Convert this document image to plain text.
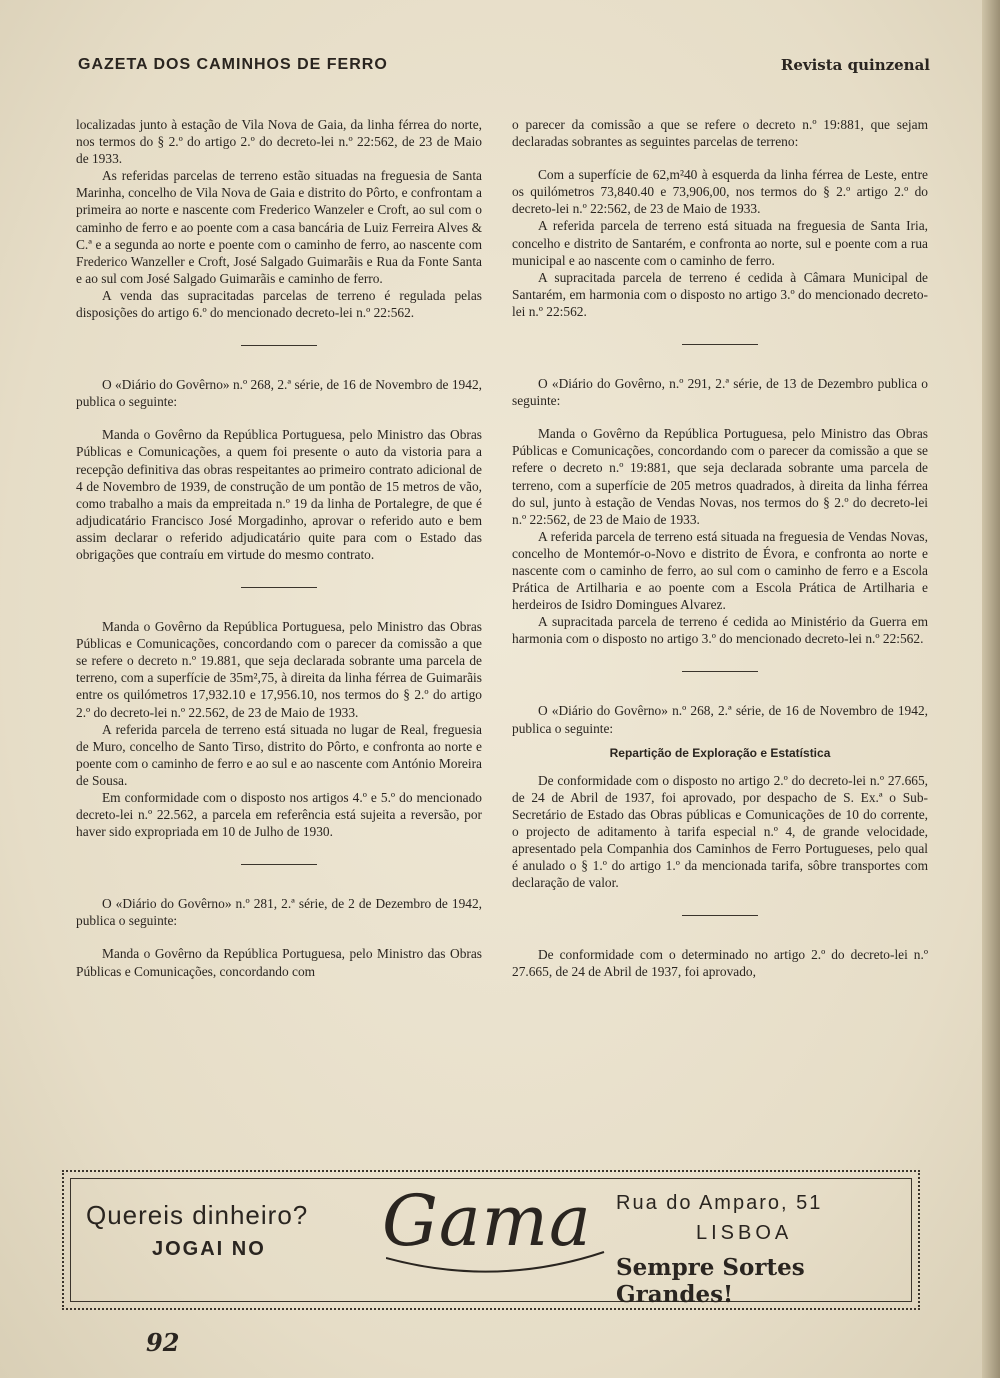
GAZETA DOS CAMINHOS DE FERRO	Revista quinzenal

localizadas junto à estação de Vila Nova de Gaia, da linha férrea do norte, nos termos do § 2.º do artigo 2.º do decreto-lei n.º 22:562, de 23 de Maio de 1933.

As referidas parcelas de terreno estão situadas na freguesia de Santa Marinha, concelho de Vila Nova de Gaia e distrito do Pôrto, e confrontam a primeira ao norte e nascente com Frederico Wanzeler e Croft, ao sul com o caminho de ferro e ao poente com a casa bancária de Luiz Ferreira Alves & C.ª e a segunda ao norte e poente com o caminho de ferro, ao nascente com Frederico Wanzeller e Croft, José Salgado Guimarãis e Rua da Fonte Santa e ao sul com José Salgado Guimarãis e caminho de ferro.

A venda das supracitadas parcelas de terreno é regulada pelas disposições do artigo 6.º do mencionado decreto-lei n.º 22:562.

O «Diário do Govêrno» n.º 268, 2.ª série, de 16 de Novembro de 1942, publica o seguinte:

Manda o Govêrno da República Portuguesa, pelo Ministro das Obras Públicas e Comunicações, a quem foi presente o auto da vistoria para a recepção definitiva das obras respeitantes ao primeiro contrato adicional de 4 de Novembro de 1939, de construção de um pontão de 15 metros de vão, como trabalho a mais da empreitada n.º 19 da linha de Portalegre, de que é adjudicatário Francisco José Morgadinho, aprovar o referido auto e bem assim declarar o referido adjudicatário quite para com o Estado das obrigações que contraíu em virtude do mesmo contrato.

Manda o Govêrno da República Portuguesa, pelo Ministro das Obras Públicas e Comunicações, concordando com o parecer da comissão a que se refere o decreto n.º 19.881, que seja declarada sobrante uma parcela de terreno, com a superfície de 35m²,75, à direita da linha férrea de Guimarãis entre os quilómetros 17,932.10 e 17,956.10, nos termos do § 2.º do artigo 2.º do decreto-lei n.º 22.562, de 23 de Maio de 1933.

A referida parcela de terreno está situada no lugar de Real, freguesia de Muro, concelho de Santo Tirso, distrito do Pôrto, e confronta ao norte e poente com o caminho de ferro e ao sul e ao nascente com António Moreira de Sousa.

Em conformidade com o disposto nos artigos 4.º e 5.º do mencionado decreto-lei n.º 22.562, a parcela em referência está sujeita a reversão, por haver sido expropriada em 10 de Julho de 1930.

O «Diário do Govêrno» n.º 281, 2.ª série, de 2 de Dezembro de 1942, publica o seguinte:

Manda o Govêrno da República Portuguesa, pelo Ministro das Obras Públicas e Comunicações, concordando com

o parecer da comissão a que se refere o decreto n.º 19:881, que sejam declaradas sobrantes as seguintes parcelas de terreno:

Com a superfície de 62,m²40 à esquerda da linha férrea de Leste, entre os quilómetros 73,840.40 e 73,906,00, nos termos do § 2.º artigo 2.º do decreto-lei n.º 22:562, de 23 de Maio de 1933.

A referida parcela de terreno está situada na freguesia de Santa Iria, concelho e distrito de Santarém, e confronta ao norte, sul e poente com a rua municipal e ao nascente com o caminho de ferro.

A supracitada parcela de terreno é cedida à Câmara Municipal de Santarém, em harmonia com o disposto no artigo 3.º do mencionado decreto-lei n.º 22:562.

O «Diário do Govêrno, n.º 291, 2.ª série, de 13 de Dezembro publica o seguinte:

Manda o Govêrno da República Portuguesa, pelo Ministro das Obras Públicas e Comunicações, concordando com o parecer da comissão a que se refere o decreto n.º 19:881, que seja declarada sobrante uma parcela de terreno, com a superfície de 205 metros quadrados, à direita da linha férrea do sul, junto à estação de Vendas Novas, nos termos do § 2.º do decreto-lei n.º 22:562, de 23 de Maio de 1933.

A referida parcela de terreno está situada na freguesia de Vendas Novas, concelho de Montemór-o-Novo e distrito de Évora, e confronta ao norte e nascente com o caminho de ferro, ao sul com o caminho de ferro e a Escola Prática de Artilharia e ao poente com a Escola Prática de Artilharia e herdeiros de Isidro Domingues Alvarez.

A supracitada parcela de terreno é cedida ao Ministério da Guerra em harmonia com o disposto no artigo 3.º do mencionado decreto-lei n.º 22:562.

O «Diário do Govêrno» n.º 268, 2.ª série, de 16 de Novembro de 1942, publica o seguinte:

Repartição de Exploração e Estatística

De conformidade com o disposto no artigo 2.º do decreto-lei n.º 27.665, de 24 de Abril de 1937, foi aprovado, por despacho de S. Ex.ª o Sub-Secretário de Estado das Obras públicas e Comunicações de 10 do corrente, o projecto de aditamento à tarifa especial n.º 4, de grande velocidade, apresentado pela Companhia dos Caminhos de Ferro Portugueses, pelo qual é anulado o § 1.º do artigo 1.º da mencionada tarifa, sôbre transportes com declaração de valor.

De conformidade com o determinado no artigo 2.º do decreto-lei n.º 27.665, de 24 de Abril de 1937, foi aprovado,

Quereis dinheiro?
JOGAI NO Gama Rua do Amparo, 51
LISBOA
Sempre Sortes Grandes!
92
